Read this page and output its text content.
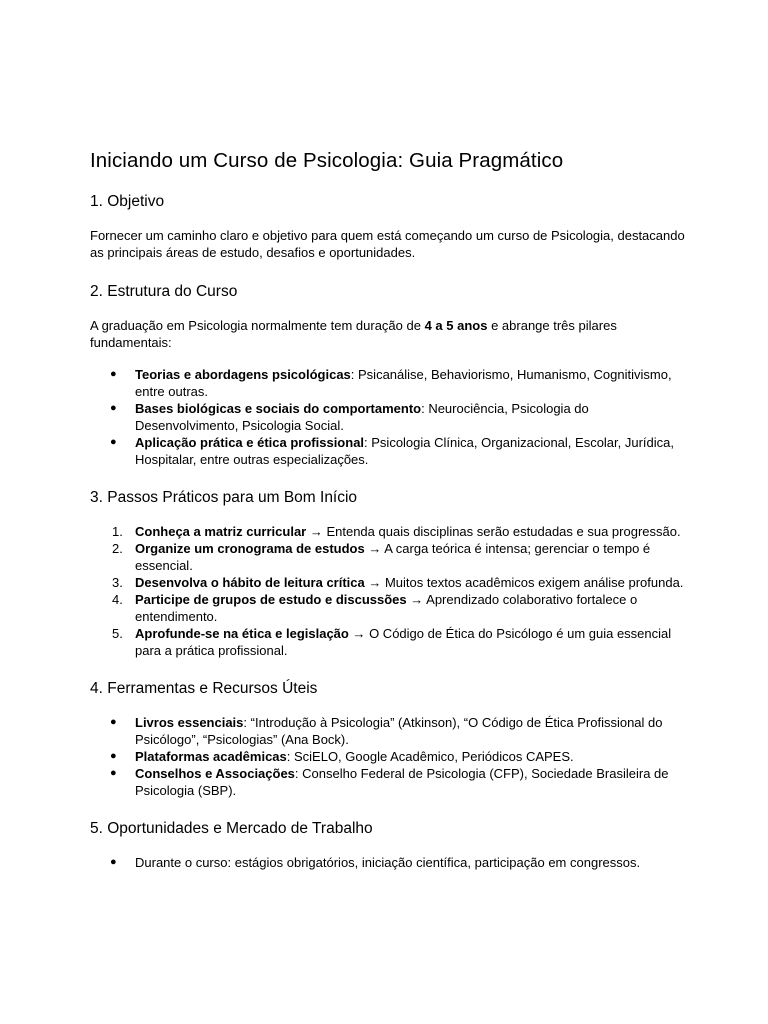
Iniciando um Curso de Psicologia: Guia Pragmático
1. Objetivo

Fornecer um caminho claro e objetivo para quem está começando um curso de Psicologia, destacando as principais áreas de estudo, desafios e oportunidades.

2. Estrutura do Curso

A graduação em Psicologia normalmente tem duração de 4 a 5 anos e abrange três pilares fundamentais:

● Teorias e abordagens psicológicas: Psicanálise, Behaviorismo, Humanismo, Cognitivismo, entre outras.
● Bases biológicas e sociais do comportamento: Neurociência, Psicologia do Desenvolvimento, Psicologia Social.
● Aplicação prática e ética profissional: Psicologia Clínica, Organizacional, Escolar, Jurídica, Hospitalar, entre outras especializações.
3. Passos Práticos para um Bom Início
1. Conheça a matriz curricular → Entenda quais disciplinas serão estudadas e sua progressão.
2. Organize um cronograma de estudos → A carga teórica é intensa; gerenciar o tempo é essencial.
3. Desenvolva o hábito de leitura crítica → Muitos textos acadêmicos exigem análise profunda.
4. Participe de grupos de estudo e discussões → Aprendizado colaborativo fortalece o entendimento.
5. Aprofunde-se na ética e legislação → O Código de Ética do Psicólogo é um guia essencial para a prática profissional.
4. Ferramentas e Recursos Úteis
● Livros essenciais: “Introdução à Psicologia” (Atkinson), “O Código de Ética Profissional do Psicólogo”, “Psicologias” (Ana Bock).
● Plataformas acadêmicas: SciELO, Google Acadêmico, Periódicos CAPES.
● Conselhos e Associações: Conselho Federal de Psicologia (CFP), Sociedade Brasileira de Psicologia (SBP).
5. Oportunidades e Mercado de Trabalho
● Durante o curso: estágios obrigatórios, iniciação científica, participação em congressos.
